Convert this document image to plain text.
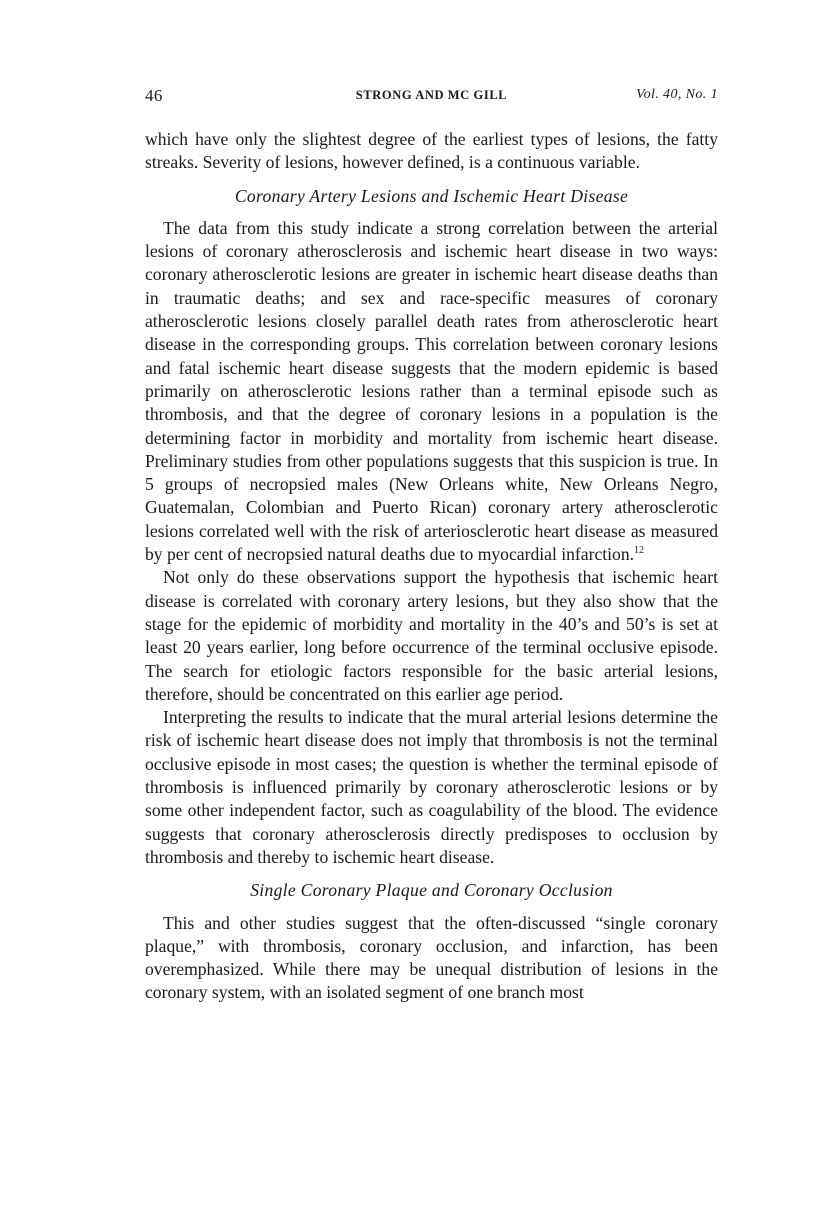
46	STRONG AND MC GILL	Vol. 40, No. 1

which have only the slightest degree of the earliest types of lesions, the fatty streaks. Severity of lesions, however defined, is a continuous variable.

Coronary Artery Lesions and Ischemic Heart Disease

The data from this study indicate a strong correlation between the arterial lesions of coronary atherosclerosis and ischemic heart disease in two ways: coronary atherosclerotic lesions are greater in ischemic heart disease deaths than in traumatic deaths; and sex and race-specific measures of coronary atherosclerotic lesions closely parallel death rates from atherosclerotic heart disease in the corresponding groups. This correlation between coronary lesions and fatal ischemic heart disease suggests that the modern epidemic is based primarily on atherosclerotic lesions rather than a terminal episode such as thrombosis, and that the degree of coronary lesions in a population is the determining factor in morbidity and mortality from ischemic heart disease. Preliminary studies from other populations suggests that this suspicion is true. In 5 groups of necropsied males (New Orleans white, New Orleans Negro, Guatemalan, Colombian and Puerto Rican) coronary artery atherosclerotic lesions correlated well with the risk of arteriosclerotic heart disease as measured by per cent of necropsied natural deaths due to myocardial infarction.$^{12}$

Not only do these observations support the hypothesis that ischemic heart disease is correlated with coronary artery lesions, but they also show that the stage for the epidemic of morbidity and mortality in the 40’s and 50’s is set at least 20 years earlier, long before occurrence of the terminal occlusive episode. The search for etiologic factors responsible for the basic arterial lesions, therefore, should be concentrated on this earlier age period.

Interpreting the results to indicate that the mural arterial lesions determine the risk of ischemic heart disease does not imply that thrombosis is not the terminal occlusive episode in most cases; the question is whether the terminal episode of thrombosis is influenced primarily by coronary atherosclerotic lesions or by some other independent factor, such as coagulability of the blood. The evidence suggests that coronary atherosclerosis directly predisposes to occlusion by thrombosis and thereby to ischemic heart disease.

Single Coronary Plaque and Coronary Occlusion

This and other studies suggest that the often-discussed “single coronary plaque,” with thrombosis, coronary occlusion, and infarction, has been overemphasized. While there may be unequal distribution of lesions in the coronary system, with an isolated segment of one branch most
